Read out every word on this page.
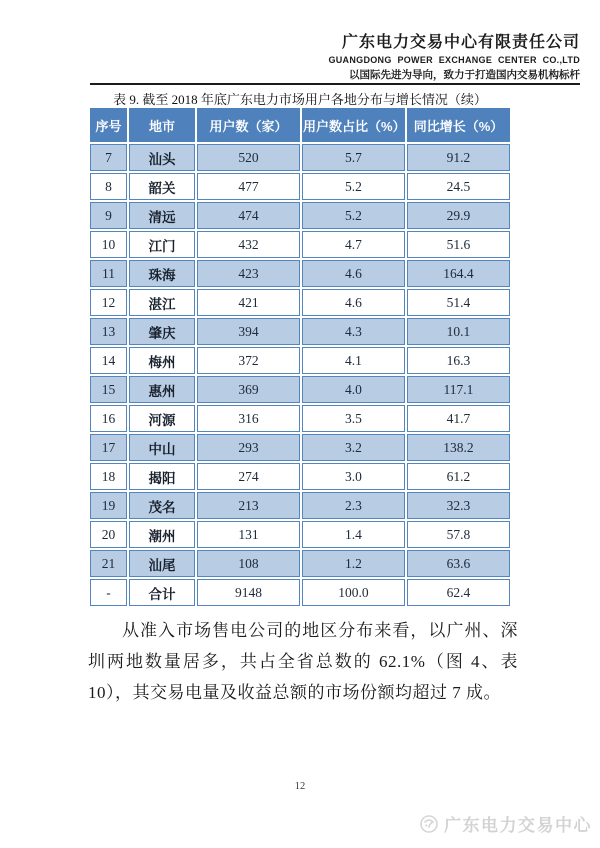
广东电力交易中心有限责任公司
GUANGDONG POWER EXCHANGE CENTER CO.,LTD
以国际先进为导向，致力于打造国内交易机构标杆
表 9. 截至 2018 年底广东电力市场用户各地分布与增长情况（续）
序号	地市	用户数（家）	用户数占比（%）	同比增长（%）
7	汕头	520	5.7	91.2
8	韶关	477	5.2	24.5
9	清远	474	5.2	29.9
10	江门	432	4.7	51.6
11	珠海	423	4.6	164.4
12	湛江	421	4.6	51.4
13	肇庆	394	4.3	10.1
14	梅州	372	4.1	16.3
15	惠州	369	4.0	117.1
16	河源	316	3.5	41.7
17	中山	293	3.2	138.2
18	揭阳	274	3.0	61.2
19	茂名	213	2.3	32.3
20	潮州	131	1.4	57.8
21	汕尾	108	1.2	63.6
-	合计	9148	100.0	62.4

从准入市场售电公司的地区分布来看，以广州、深圳两地数量居多，共占全省总数的 62.1%（图 4、表 10），其交易电量及收益总额的市场份额均超过 7 成。

12
广东电力交易中心
